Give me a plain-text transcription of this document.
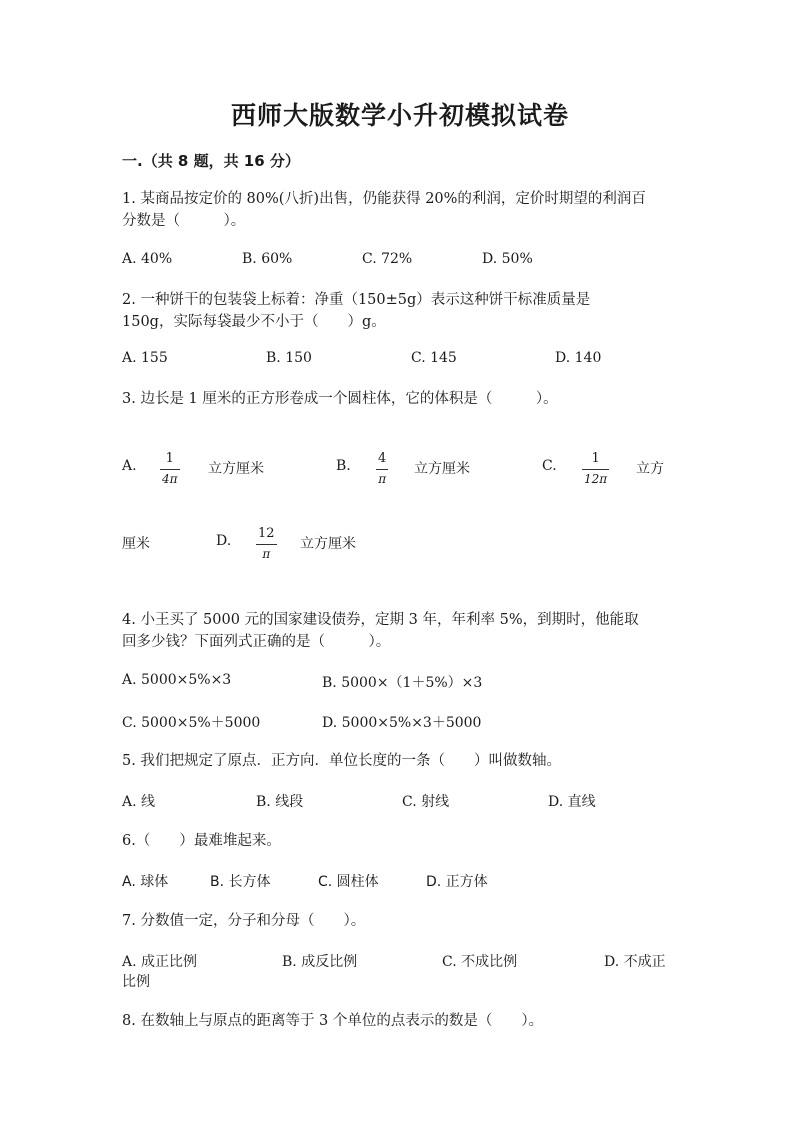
西师大版数学小升初模拟试卷
一.（共 8 题，共 16 分）
1. 某商品按定价的 80%(八折)出售，仍能获得 20%的利润，定价时期望的利润百
分数是（　　　）。
A. 40%	B. 60%	C. 72%	D. 50%
2. 一种饼干的包装袋上标着：净重（150±5g）表示这种饼干标准质量是
150g，实际每袋最少不小于（　　）g。
A. 155	B. 150	C. 145	D. 140
3. 边长是 1 厘米的正方形卷成一个圆柱体，它的体积是（　　　）。
A. 1
4π
立方厘米	B. 4
π
立方厘米	C.	1
12π
立方
厘米	D. 12
π
立方厘米
4. 小王买了 5000 元的国家建设债券，定期 3 年，年利率 5%，到期时，他能取
回多少钱？下面列式正确的是（　　　）。
A. 5000×5%×3	B. 5000×（1＋5%）×3
C. 5000×5%＋5000	D. 5000×5%×3＋5000
5. 我们把规定了原点．正方向．单位长度的一条（　　）叫做数轴。
A. 线	B. 线段	C. 射线	D. 直线
6.（　　）最难堆起来。
A. 球体	B. 长方体	C. 圆柱体	D. 正方体
7. 分数值一定，分子和分母（　　）。
A. 成正比例	B. 成反比例	C. 不成比例	D. 不成正
比例
8. 在数轴上与原点的距离等于 3 个单位的点表示的数是（　　）。
